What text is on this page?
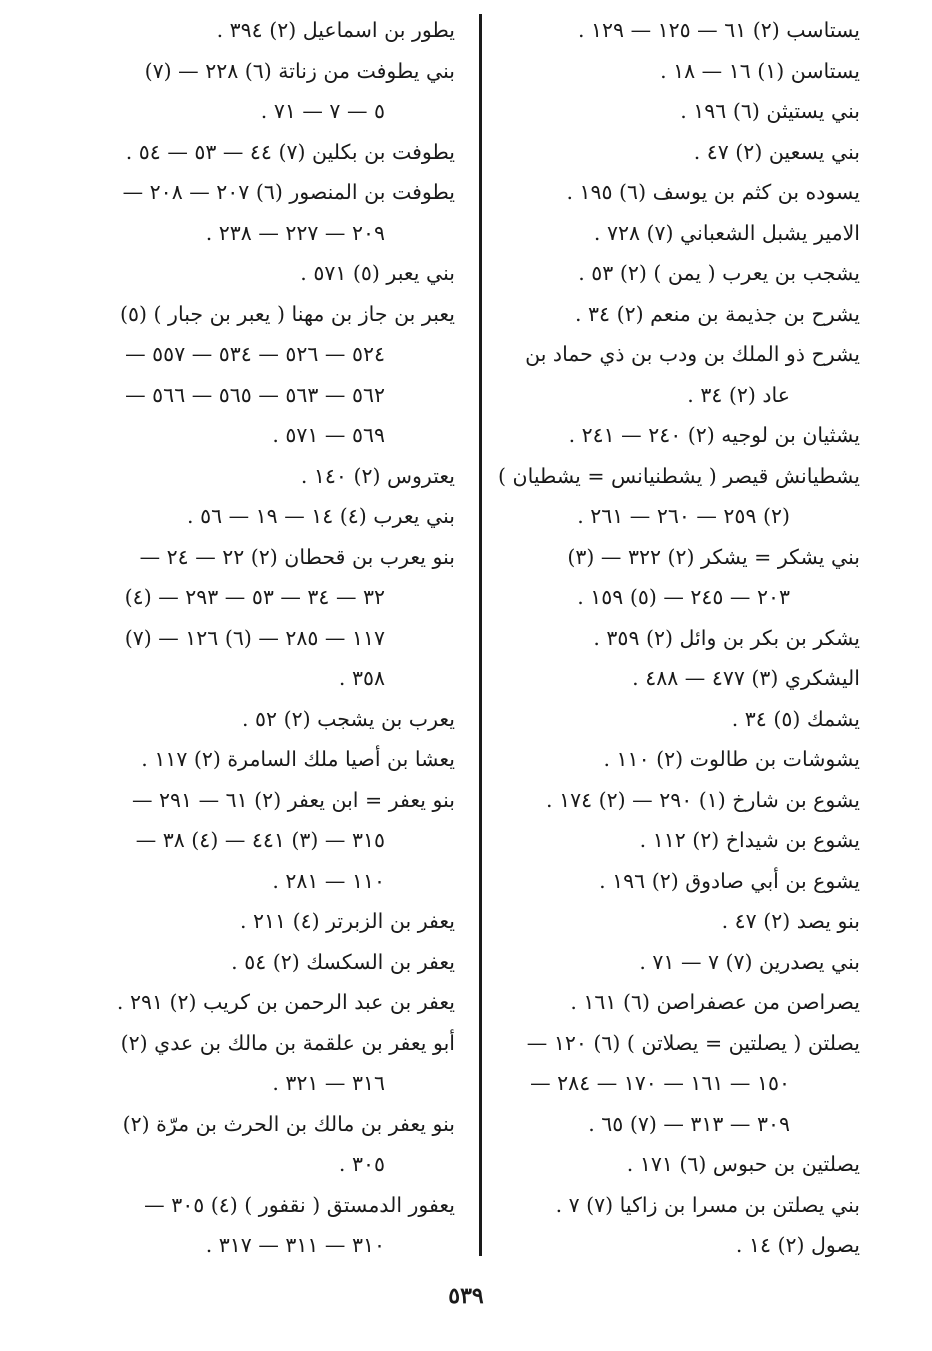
يستاسب (٢) ٦١ — ١٢٥ — ١٢٩ .
يستاسن (١) ١٦ — ١٨ .
بني يستيثن (٦) ١٩٦ .
بني يسعين (٢) ٤٧ .
يسوده بن كثم بن يوسف (٦) ١٩٥ .
الامير يشبل الشعباني (٧) ٧٢٨ .
يشجب بن يعرب ( يمن ) (٢) ٥٣ .
يشرح بن جذيمة بن منعم (٢) ٣٤ .
يشرح ذو الملك بن ودب بن ذي حماد بن
عاد (٢) ٣٤ .
يشثيان بن لوجيه (٢) ٢٤٠ — ٢٤١ .
يشطيانش قيصر ( يشطنيانس = يشطيان )
(٢) ٢٥٩ — ٢٦٠ — ٢٦١ .
بني يشكر = يشكر (٢) ٣٢٢ — (٣)
٢٠٣ — ٢٤٥ — (٥) ١٥٩ .
يشكر بن بكر بن وائل (٢) ٣٥٩ .
اليشكري (٣) ٤٧٧ — ٤٨٨ .
يشمك (٥) ٣٤ .
يشوشات بن طالوت (٢) ١١٠ .
يشوع بن شارخ (١) ٢٩٠ — (٢) ١٧٤ .
يشوع بن شيداخ (٢) ١١٢ .
يشوع بن أبي صادوق (٢) ١٩٦ .
بنو يصد (٢) ٤٧ .
بني يصدرين (٧) ٧ — ٧١ .
يصراصن من عصفراصن (٦) ١٦١ .
يصلتن ( يصلتين = يصلاتن ) (٦) ١٢٠ —
١٥٠ — ١٦١ — ١٧٠ — ٢٨٤ —
٣٠٩ — ٣١٣ — (٧) ٦٥ .
يصلتين بن حبوس (٦) ١٧١ .
بني يصلتن بن مسرا بن زاكيا (٧) ٧ .
يصول (٢) ١٤ .
يطور بن اسماعيل (٢) ٣٩٤ .
بني يطوفت من زناتة (٦) ٢٢٨ — (٧)
٥ — ٧ — ٧١ .
يطوفت بن بكلين (٧) ٤٤ — ٥٣ — ٥٤ .
يطوفت بن المنصور (٦) ٢٠٧ — ٢٠٨ —
٢٠٩ — ٢٢٧ — ٢٣٨ .
بني يعبر (٥) ٥٧١ .
يعبر بن جاز بن مهنا ( يعبر بن جبار ) (٥)
٥٢٤ — ٥٢٦ — ٥٣٤ — ٥٥٧ —
٥٦٢ — ٥٦٣ — ٥٦٥ — ٥٦٦ —
٥٦٩ — ٥٧١ .
يعتروس (٢) ١٤٠ .
بني يعرب (٤) ١٤ — ١٩ — ٥٦ .
بنو يعرب بن قحطان (٢) ٢٢ — ٢٤ —
٣٢ — ٣٤ — ٥٣ — ٢٩٣ — (٤)
١١٧ — ٢٨٥ — (٦) ١٢٦ — (٧)
٣٥٨ .
يعرب بن يشجب (٢) ٥٢ .
يعشا بن أصيا ملك السامرة (٢) ١١٧ .
بنو يعفر = ابن يعفر (٢) ٦١ — ٢٩١ —
٣١٥ — (٣) ٤٤١ — (٤) ٣٨ —
١١٠ — ٢٨١ .
يعفر بن الزبرتر (٤) ٢١١ .
يعفر بن السكسك (٢) ٥٤ .
يعفر بن عبد الرحمن بن كريب (٢) ٢٩١ .
أبو يعفر بن علقمة بن مالك بن عدي (٢)
٣١٦ — ٣٢١ .
بنو يعفر بن مالك بن الحرث بن مرّة (٢)
٣٠٥ .
يعفور الدمستق ( نقفور ) (٤) ٣٠٥ —
٣١٠ — ٣١١ — ٣١٧ .
٥٣٩
